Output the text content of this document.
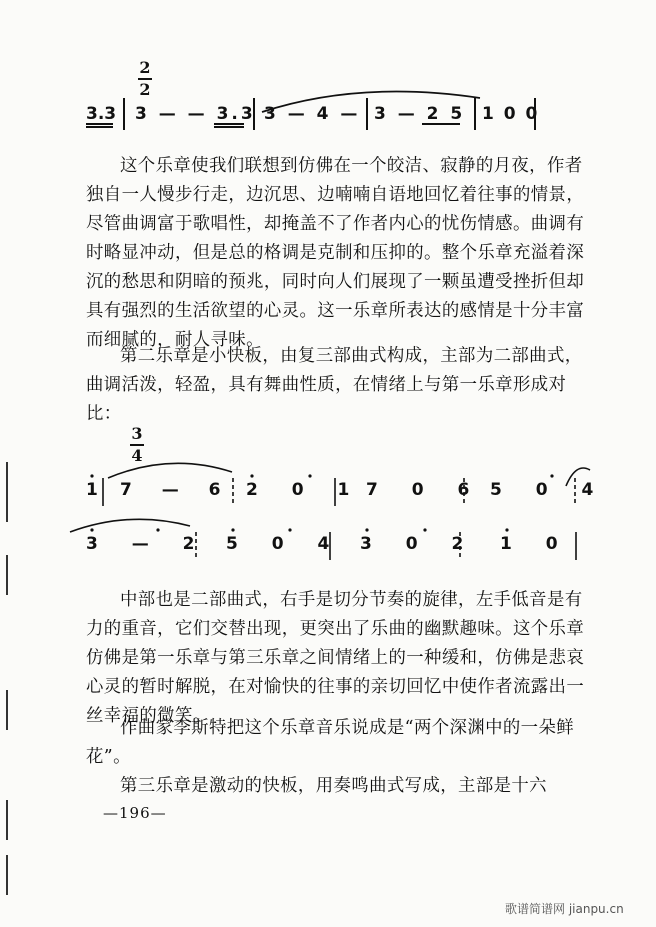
2
2
3.3 3 — — 3.3 3 — 4 — 3 — 2 5 1 0 0

这个乐章使我们联想到仿佛在一个皎洁、寂静的月夜，作者独自一人慢步行走，边沉思、边喃喃自语地回忆着往事的情景，尽管曲调富于歌唱性，却掩盖不了作者内心的忧伤情感。曲调有时略显冲动，但是总的格调是克制和压抑的。整个乐章充溢着深沉的愁思和阴暗的预兆，同时向人们展现了一颗虽遭受挫折但却具有强烈的生活欲望的心灵。这一乐章所表达的感情是十分丰富而细腻的，耐人寻味。

第二乐章是小快板，由复三部曲式构成，主部为二部曲式，曲调活泼，轻盈，具有舞曲性质，在情绪上与第一乐章形成对比：

3
4
1 7 — 6 2 0 1 7 0 6 5 0 4
3 — 2 5 0 4 3 0 2 1 0

中部也是二部曲式，右手是切分节奏的旋律，左手低音是有力的重音，它们交替出现，更突出了乐曲的幽默趣味。这个乐章仿佛是第一乐章与第三乐章之间情绪上的一种缓和，仿佛是悲哀心灵的暂时解脱，在对愉快的往事的亲切回忆中使作者流露出一丝幸福的微笑。

作曲家李斯特把这个乐章音乐说成是“两个深渊中的一朵鲜花”。

第三乐章是激动的快板，用奏鸣曲式写成，主部是十六

—196—
歌谱简谱网 jianpu.cn
